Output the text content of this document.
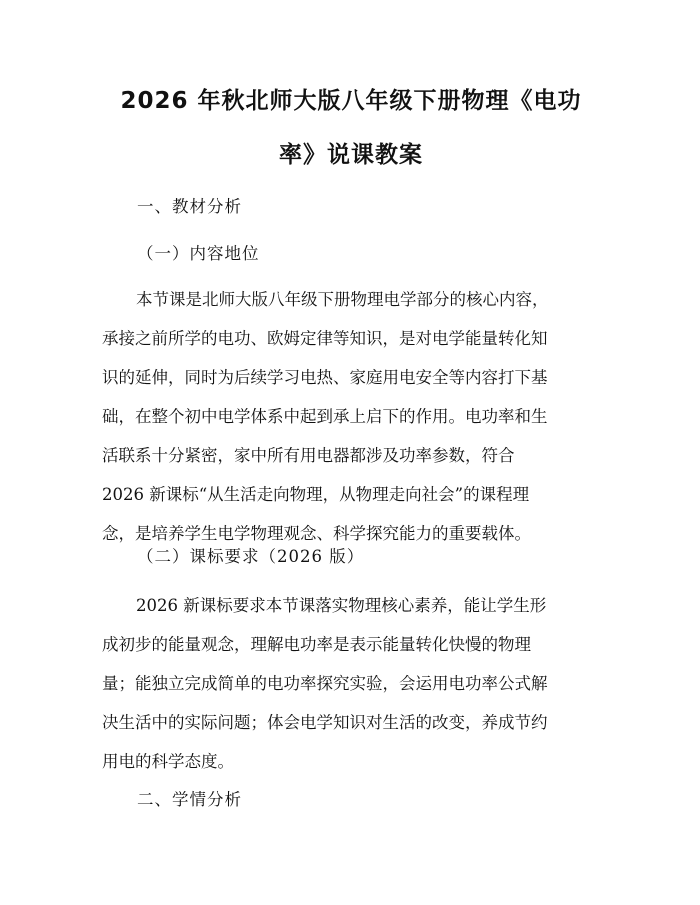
2026 年秋北师大版八年级下册物理《电功
率》说课教案
一、教材分析
（一）内容地位
本节课是北师大版八年级下册物理电学部分的核心内容，
承接之前所学的电功、欧姆定律等知识，是对电学能量转化知
识的延伸，同时为后续学习电热、家庭用电安全等内容打下基
础，在整个初中电学体系中起到承上启下的作用。电功率和生
活联系十分紧密，家中所有用电器都涉及功率参数，符合
2026 新课标“从生活走向物理，从物理走向社会”的课程理
念，是培养学生电学物理观念、科学探究能力的重要载体。
（二）课标要求（2026 版）
2026 新课标要求本节课落实物理核心素养，能让学生形
成初步的能量观念，理解电功率是表示能量转化快慢的物理
量；能独立完成简单的电功率探究实验，会运用电功率公式解
决生活中的实际问题；体会电学知识对生活的改变，养成节约
用电的科学态度。
二、学情分析
